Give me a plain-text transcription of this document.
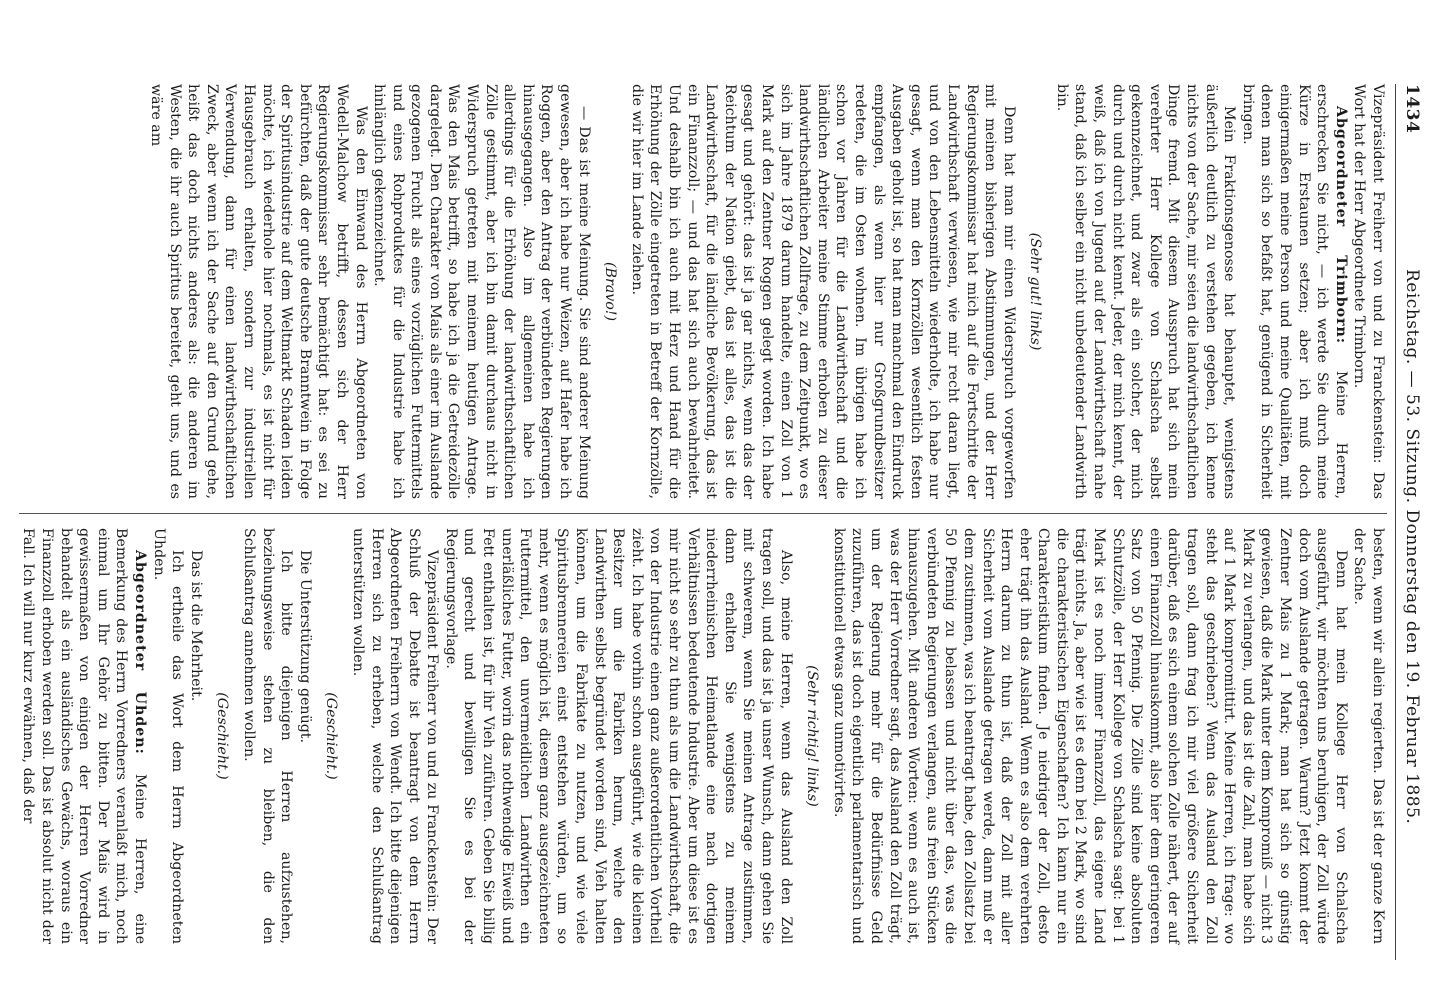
1434
Reichstag. — 53. Sitzung. Donnerstag den 19. Februar 1885.

Vizepräsident Freiherr von und zu Franckenstein: Das Wort hat der Herr Abgeordnete Trimborn.

Abgeordneter Trimborn: Meine Herren, erschrecken Sie nicht, — ich werde Sie durch meine Kürze in Erstaunen setzen; aber ich muß doch einigermaßen meine Person und meine Qualitäten, mit denen man sich so befaßt hat, genügend in Sicherheit bringen.

Mein Fraktionsgenosse hat behauptet, wenigstens äußerlich deutlich zu verstehen gegeben, ich kenne nichts von der Sache, mir seien die landwirthschaftlichen Dinge fremd. Mit diesem Ausspruch hat sich mein verehrter Herr Kollege von Schalscha selbst gekennzeichnet, und zwar als ein solcher, der mich durch und durch nicht kennt. Jeder, der mich kennt, der weiß, daß ich von Jugend auf der Landwirthschaft nahe stand, daß ich selber ein nicht unbedeutender Landwirth bin.

(Sehr gut! links)

Denn hat man mir einen Widerspruch vorgeworfen mit meinen bisherigen Abstimmungen, und der Herr Regierungskommissar hat mich auf die Fortschritte der Landwirthschaft verwiesen, wie mir recht daran liegt, und von den Lebensmitteln wiederholte, ich habe nur gesagt, wenn man den Kornzöllen wesentlich festen Ausgaben geholt ist, so hat man manchmal den Eindruck empfangen, als wenn hier nur Großgrundbesitzer redeten, die im Osten wohnen. Im übrigen habe ich schon vor Jahren für die Landwirthschaft und die ländlichen Arbeiter meine Stimme erhoben zu dieser landwirthschaftlichen Zollfrage, zu dem Zeitpunkt, wo es sich im Jahre 1879 darum handelte, einen Zoll von 1 Mark auf den Zentner Roggen gelegt worden. Ich habe gesagt und gehört: das ist ja gar nichts, wenn das der Reichtum der Nation giebt, das ist alles, das ist die Landwirthschaft, für die ländliche Bevölkerung, das ist ein Finanzzoll; — und das hat sich auch bewahrheitet. Und deshalb bin ich auch mit Herz und Hand für die Erhöhung der Zölle eingetreten in Betreff der Kornzölle, die wir hier im Lande ziehen.

(Bravo!)

— Das ist meine Meinung. Sie sind anderer Meinung gewesen, aber ich habe nur Weizen, auf Hafer habe ich Roggen, aber den Antrag der verbündeten Regierungen hinausgegangen. Also im allgemeinen habe ich allerdings für die Erhöhung der landwirthschaftlichen Zölle gestimmt, aber ich bin damit durchaus nicht in Widerspruch getreten mit meinem heutigen Antrage. Was den Mais betrifft, so habe ich ja die Getreidezölle dargelegt. Den Charakter von Mais als einer im Auslande gezogenen Frucht als eines vorzüglichen Futtermittels und eines Rohproduktes für die Industrie habe ich hinlänglich gekennzeichnet.

Was den Einwand des Herrn Abgeordneten von Wedell-Malchow betrifft, dessen sich der Herr Regierungskommissar sehr bemächtigt hat: es sei zu befürchten, daß der gute deutsche Branntwein in Folge der Spiritusindustrie auf dem Weltmarkt Schaden leiden möchte, ich wiederhole hier nochmals, es ist nicht für Hausgebrauch erhalten, sondern zur industriellen Verwendung, dann für einen landwirthschaftlichen Zweck, aber wenn ich der Sache auf den Grund gehe, heißt das doch nichts anderes als: die anderen im Westen, die ihr auch Spiritus bereitet, geht uns, und es wäre am

besten, wenn wir allein regierten. Das ist der ganze Kern der Sache.

Denn hat mein Kollege Herr von Schalscha ausgeführt, wir möchten uns beruhigen, der Zoll würde doch vom Auslande getragen. Warum? Jetzt kommt der Zentner Mais zu 1 Mark; man hat sich so günstig gewiesen, daß die Mark unter dem Kompromiß — nicht 3 Mark zu verlangen, und das ist die Zahl, man habe sich auf 1 Mark kompromittirt. Meine Herren, ich frage: wo steht das geschrieben? Wenn das Ausland den Zoll tragen soll, dann frag ich mir viel größere Sicherheit darüber, daß es sich einem solchen Zolle nähert, der auf einen Finanzzoll hinauskommt, also hier dem geringeren Satz von 50 Pfennig. Die Zölle sind keine absoluten Schutzzölle, der Herr Kollege von Schalscha sagt: bei 1 Mark ist es noch immer Finanzzoll, das eigene Land trägt nichts. Ja, aber wie ist es denn bei 2 Mark, wo sind die charakteristischen Eigenschaften? Ich kann nur ein Charakteristikum finden. Je niedriger der Zoll, desto eher trägt ihn das Ausland. Wenn es also dem verehrten Herrn darum zu thun ist, daß der Zoll mit aller Sicherheit vom Auslande getragen werde, dann muß er dem zustimmen, was ich beantragt habe, den Zollsatz bei 50 Pfennig zu belassen und nicht über das, was die verbündeten Regierungen verlangen, aus freien Stücken hinauszugehen. Mit anderen Worten: wenn es auch ist, was der Herr Vorredner sagt, das Ausland den Zoll trägt, um der Regierung mehr für die Bedürfnisse Geld zuzuführen, das ist doch eigentlich parlamentarisch und konstitutionell etwas ganz unmotivirtes.

(Sehr richtig! links)

Also, meine Herren, wenn das Ausland den Zoll tragen soll, und das ist ja unser Wunsch, dann gehen Sie mit schwerem, wenn Sie meinen Antrage zustimmen, dann erhalten Sie wenigstens zu meinem niederrheinischen Heimatlande eine nach dortigen Verhältnissen bedeutende Industrie. Aber um diese ist es mir nicht so sehr zu thun als um die Landwirthschaft, die von der Industrie einen ganz außerordentlichen Vortheil zieht. Ich habe vorhin schon ausgeführt, wie die kleinen Besitzer um die Fabriken herum, welche den Landwirthen selbst begründet worden sind, Vieh halten können, um die Fabrikate zu nutzen, und wie viele Spiritusbrennereien einst entstehen würden, um so mehr, wenn es möglich ist, diesem ganz ausgezeichneten Futtermittel, den unvermeidlichen Landwirthen ein unerläßliches Futter, worin das nothwendige Eiweiß und Fett enthalten ist, für ihr Vieh zuführen. Geben Sie billig und gerecht und bewilligen Sie es bei der Regierungsvorlage.

Vizepräsident Freiherr von und zu Franckenstein: Der Schluß der Debatte ist beantragt von dem Herrn Abgeordneten Freiherrn von Wendt. Ich bitte diejenigen Herren sich zu erheben, welche den Schlußantrag unterstützen wollen.

(Geschieht.)

Die Unterstützung genügt.

Ich bitte diejenigen Herren aufzustehen, beziehungsweise stehen zu bleiben, die den Schlußantrag annehmen wollen.

(Geschieht.)

Das ist die Mehrheit.

Ich ertheile das Wort dem Herrn Abgeordneten Uhden.

Abgeordneter Uhden: Meine Herren, eine Bemerkung des Herrn Vorredners veranlaßt mich, noch einmal um Ihr Gehör zu bitten. Der Mais wird in gewissermaßen von einigen der Herren Vorredner behandelt als ein ausländisches Gewächs, woraus ein Finanzzoll erhoben werden soll. Das ist absolut nicht der Fall. Ich will nur kurz erwähnen, daß der
